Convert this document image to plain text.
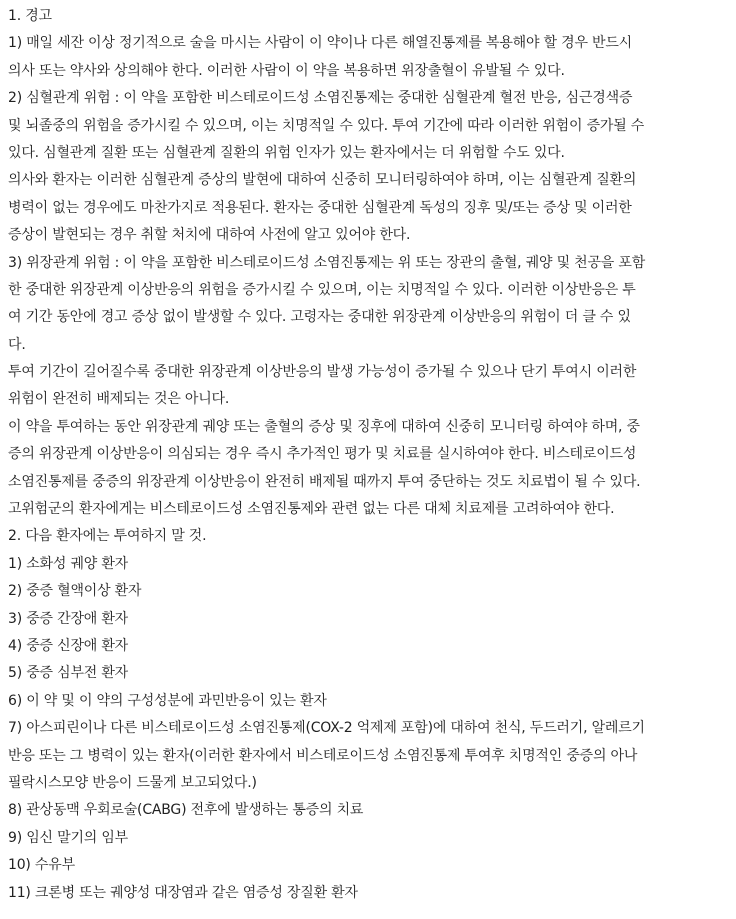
1. 경고
1) 매일 세잔 이상 정기적으로 술을 마시는 사람이 이 약이나 다른 해열진통제를 복용해야 할 경우 반드시
의사 또는 약사와 상의해야 한다. 이러한 사람이 이 약을 복용하면 위장출혈이 유발될 수 있다.
2) 심혈관계 위험 : 이 약을 포함한 비스테로이드성 소염진통제는 중대한 심혈관계 혈전 반응, 심근경색증
및 뇌졸중의 위험을 증가시킬 수 있으며, 이는 치명적일 수 있다. 투여 기간에 따라 이러한 위험이 증가될 수
있다. 심혈관계 질환 또는 심혈관계 질환의 위험 인자가 있는 환자에서는 더 위험할 수도 있다.
의사와 환자는 이러한 심혈관계 증상의 발현에 대하여 신중히 모니터링하여야 하며, 이는 심혈관계 질환의
병력이 없는 경우에도 마찬가지로 적용된다. 환자는 중대한 심혈관계 독성의 징후 및/또는 증상 및 이러한
증상이 발현되는 경우 취할 처치에 대하여 사전에 알고 있어야 한다.
3) 위장관계 위험 : 이 약을 포함한 비스테로이드성 소염진통제는 위 또는 장관의 출혈, 궤양 및 천공을 포함
한 중대한 위장관계 이상반응의 위험을 증가시킬 수 있으며, 이는 치명적일 수 있다. 이러한 이상반응은 투
여 기간 동안에 경고 증상 없이 발생할 수 있다. 고령자는 중대한 위장관계 이상반응의 위험이 더 클 수 있
다.
투여 기간이 길어질수록 중대한 위장관계 이상반응의 발생 가능성이 증가될 수 있으나 단기 투여시 이러한
위험이 완전히 배제되는 것은 아니다.
이 약을 투여하는 동안 위장관계 궤양 또는 출혈의 증상 및 징후에 대하여 신중히 모니터링 하여야 하며, 중
증의 위장관계 이상반응이 의심되는 경우 즉시 추가적인 평가 및 치료를 실시하여야 한다. 비스테로이드성
소염진통제를 중증의 위장관계 이상반응이 완전히 배제될 때까지 투여 중단하는 것도 치료법이 될 수 있다.
고위험군의 환자에게는 비스테로이드성 소염진통제와 관련 없는 다른 대체 치료제를 고려하여야 한다.
2. 다음 환자에는 투여하지 말 것.
1) 소화성 궤양 환자
2) 중증 혈액이상 환자
3) 중증 간장애 환자
4) 중증 신장애 환자
5) 중증 심부전 환자
6) 이 약 및 이 약의 구성성분에 과민반응이 있는 환자
7) 아스피린이나 다른 비스테로이드성 소염진통제(COX-2 억제제 포함)에 대하여 천식, 두드러기, 알레르기
반응 또는 그 병력이 있는 환자(이러한 환자에서 비스테로이드성 소염진통제 투여후 치명적인 중증의 아나
필락시스모양 반응이 드물게 보고되었다.)
8) 관상동맥 우회로술(CABG) 전후에 발생하는 통증의 치료
9) 임신 말기의 임부
10) 수유부
11) 크론병 또는 궤양성 대장염과 같은 염증성 장질환 환자
